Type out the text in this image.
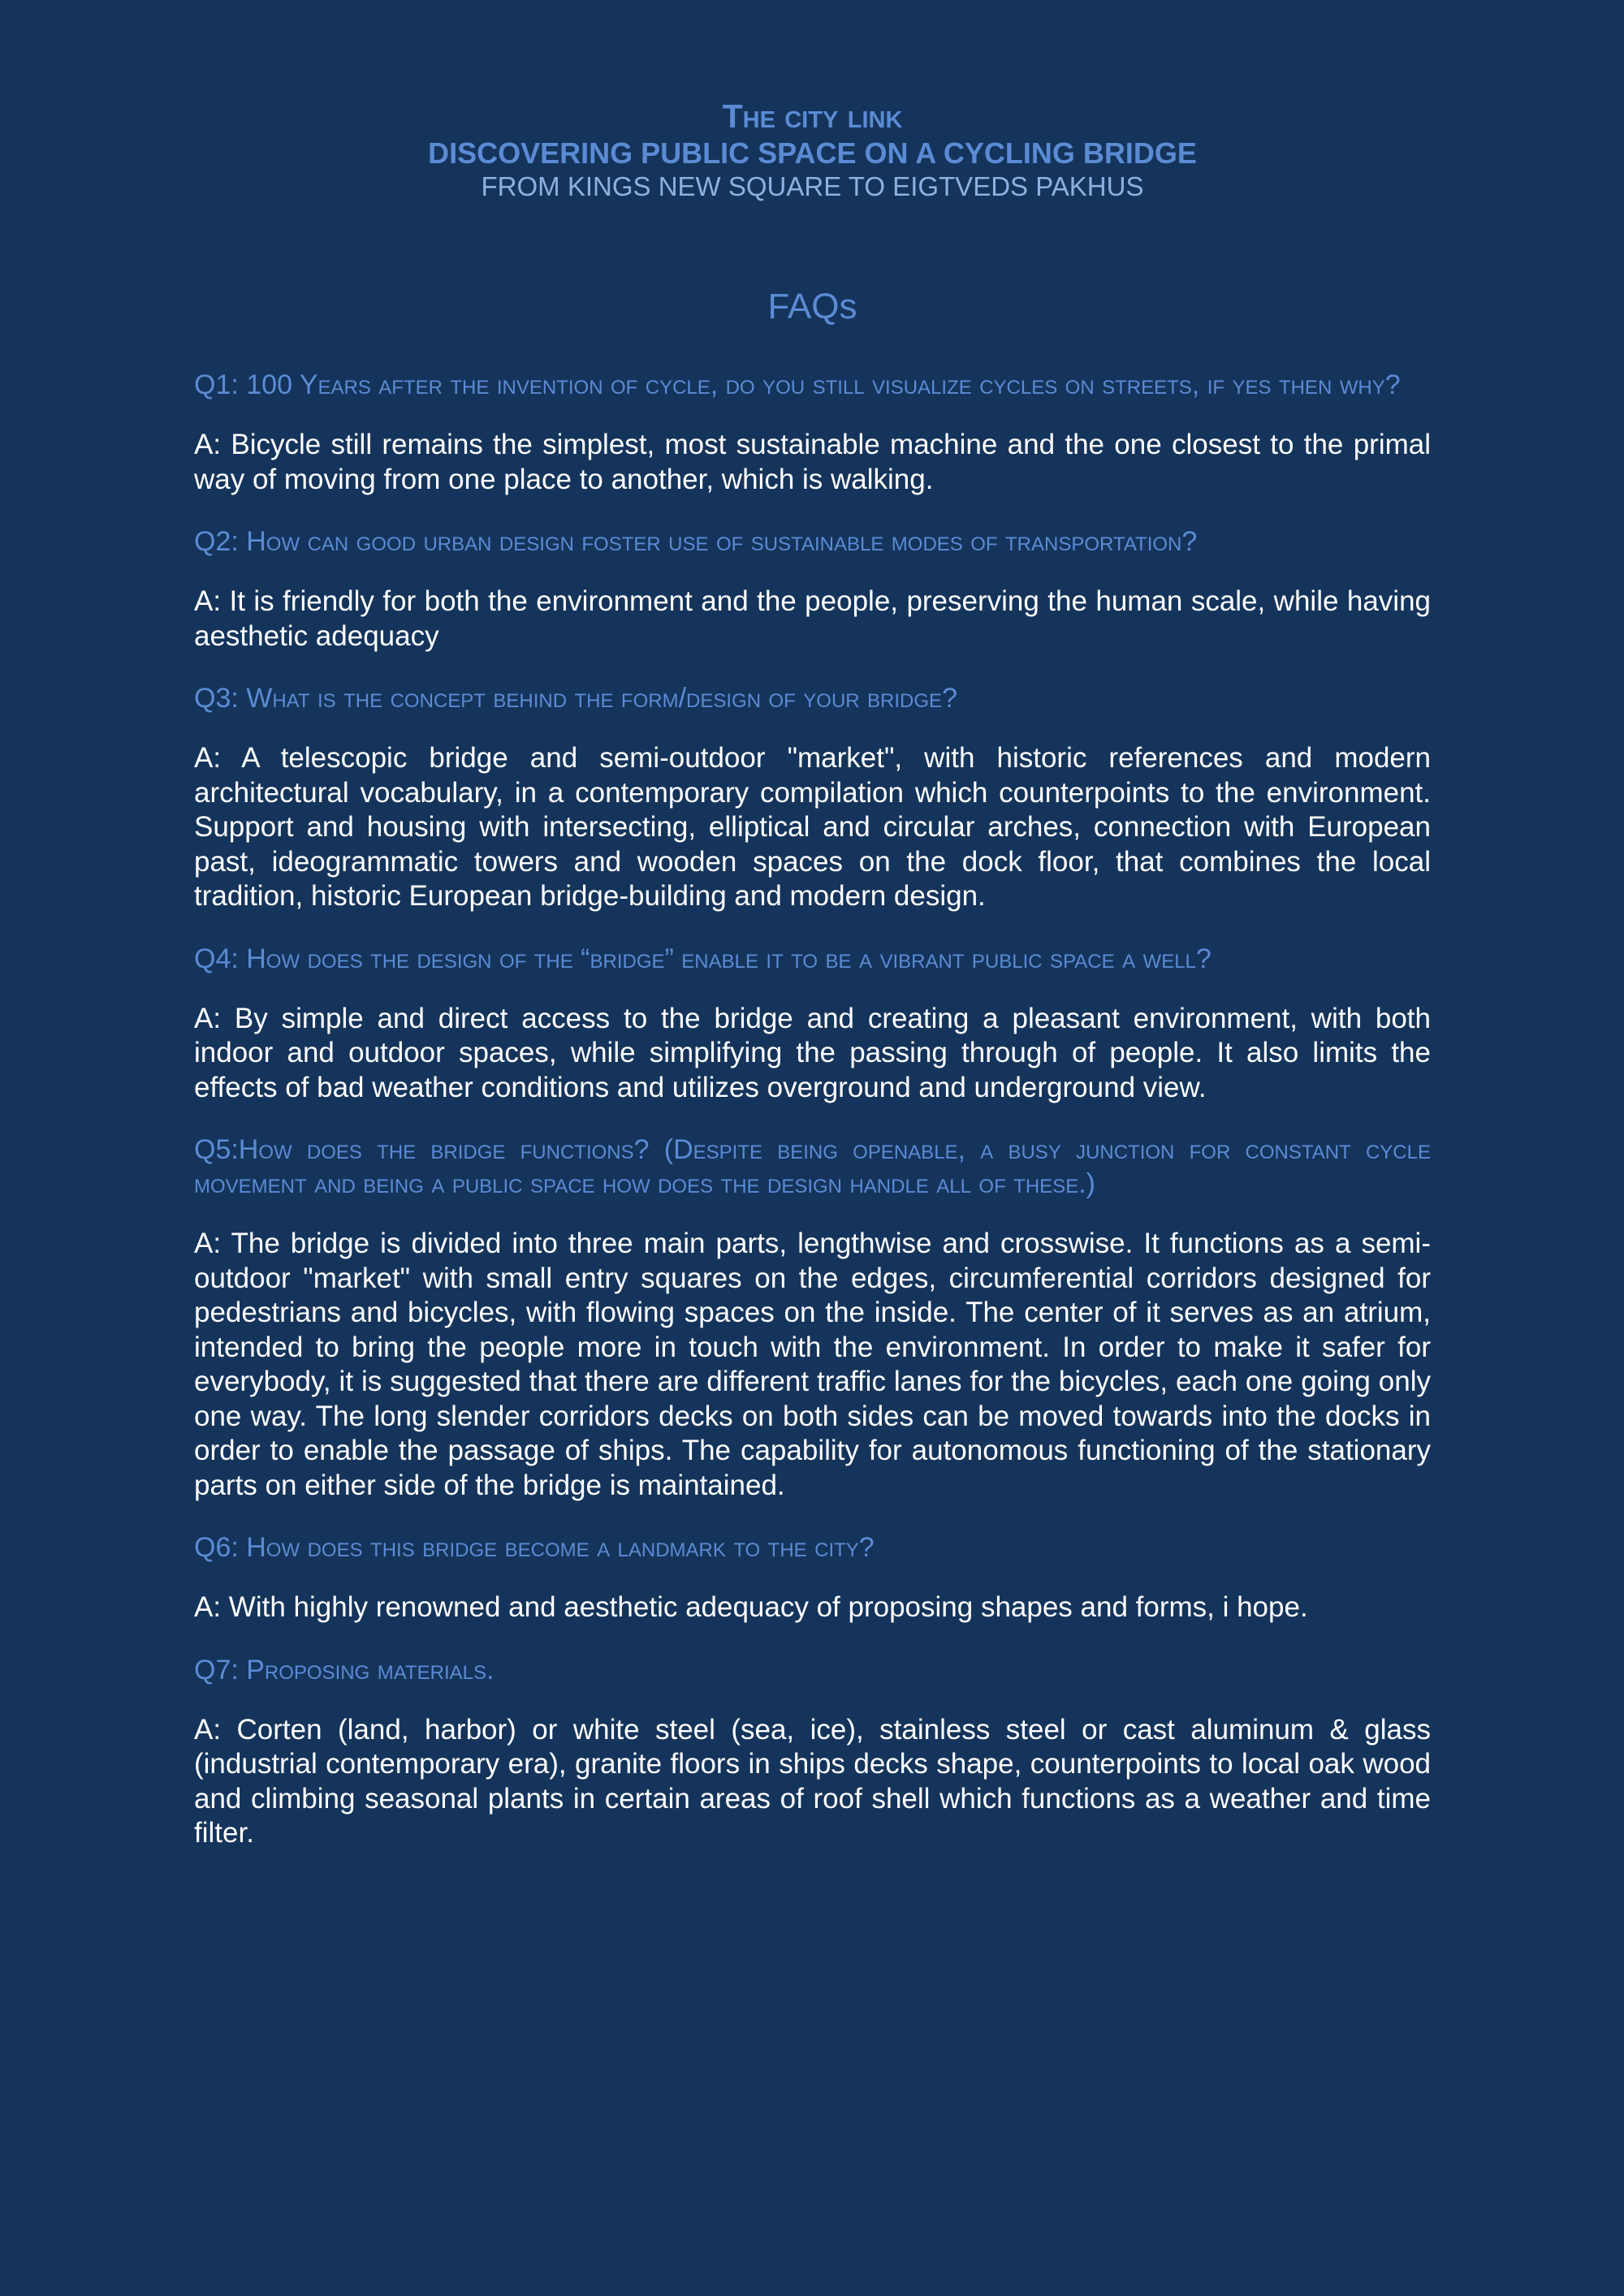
The city link

DISCOVERING PUBLIC SPACE ON A CYCLING BRIDGE

FROM KINGS NEW SQUARE TO EIGTVEDS PAKHUS

FAQs

Q1: 100 Years after the invention of cycle, do you still visualize cycles on streets, if yes then why?

A: Bicycle still remains the simplest, most sustainable machine and the one closest to the primal way of moving from one place to another, which is walking.

Q2: How can good urban design foster use of sustainable modes of transportation?

A: It is friendly for both the environment and the people, preserving the human scale, while having aesthetic adequacy

Q3: What is the concept behind the form/design of your bridge?

A: A telescopic bridge and semi-outdoor "market", with historic references and modern architectural vocabulary, in a contemporary compilation which counterpoints to the environment. Support and housing with intersecting, elliptical and circular arches, connection with European past, ideogrammatic towers and wooden spaces on the dock floor, that combines the local tradition, historic European bridge-building and modern design.

Q4: How does the design of the “bridge” enable it to be a vibrant public space a well?

A: By simple and direct access to the bridge and creating a pleasant environment, with both indoor and outdoor spaces, while simplifying the passing through of people. It also limits the effects of bad weather conditions and utilizes overground and underground view.

Q5:How does the bridge functions? (Despite being openable, a busy junction for constant cycle movement and being a public space how does the design handle all of these.)

A: The bridge is divided into three main parts, lengthwise and crosswise. It functions as a semi-outdoor "market" with small entry squares on the edges, circumferential corridors designed for pedestrians and bicycles, with flowing spaces on the inside. The center of it serves as an atrium, intended to bring the people more in touch with the environment. In order to make it safer for everybody, it is suggested that there are different traffic lanes for the bicycles, each one going only one way. The long slender corridors decks on both sides can be moved towards into the docks in order to enable the passage of ships. The capability for autonomous functioning of the stationary parts on either side of the bridge is maintained.

Q6: How does this bridge become a landmark to the city?

A: With highly renowned and aesthetic adequacy of proposing shapes and forms, i hope.

Q7: Proposing materials.

A: Corten (land, harbor) or white steel (sea, ice), stainless steel or cast aluminum & glass (industrial contemporary era), granite floors in ships decks shape, counterpoints to local oak wood and climbing seasonal plants in certain areas of roof shell which functions as a weather and time filter.
